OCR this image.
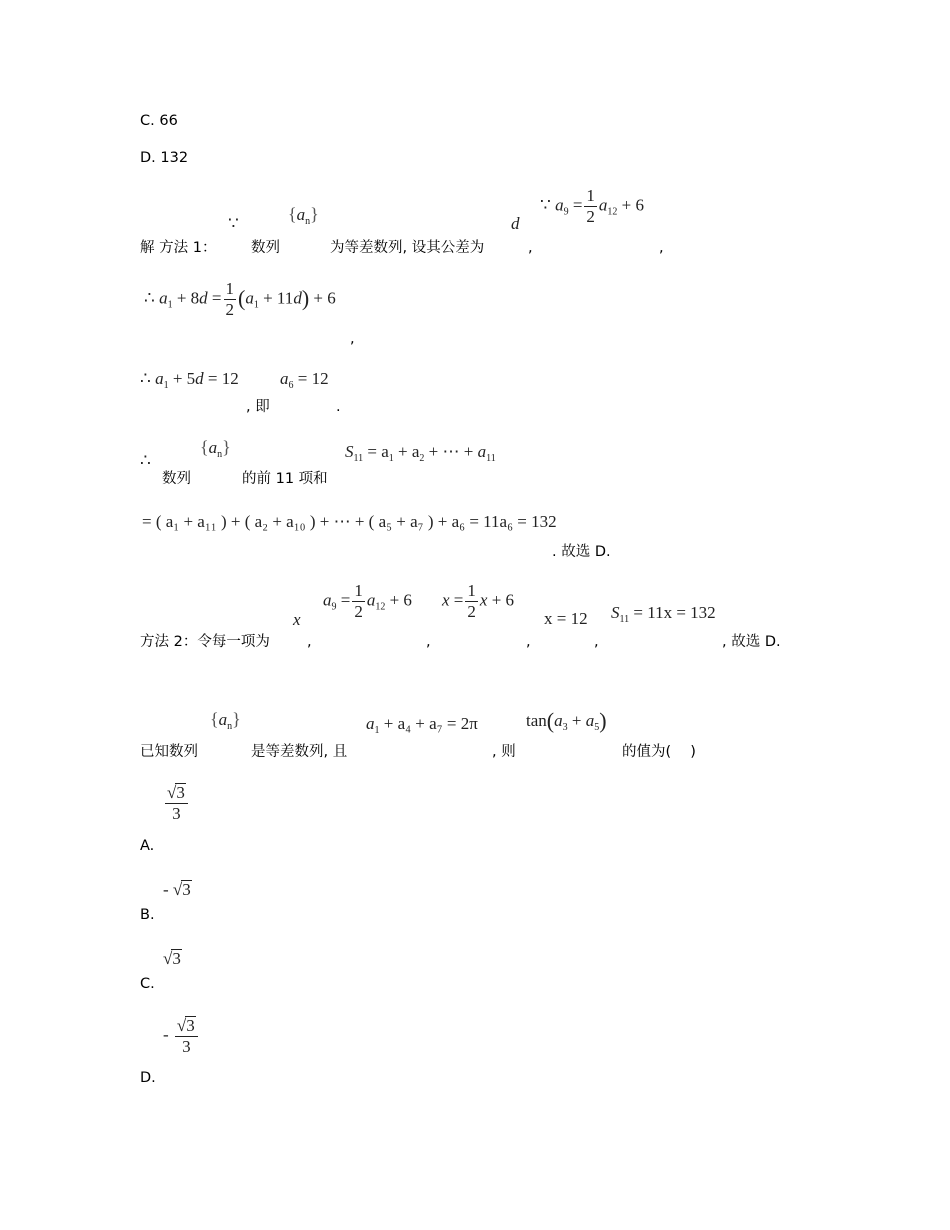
C. 66
D. 132
∵	$\{a_n\}$	d
∵ $a_9 = \frac{1}{2} a_{12} + 6$
解 方法 1： 数列	为等差数列, 设其公差为	,	,
∴ $a_1 + 8d = \frac{1}{2} (a_1 + 11d) + 6$
,
∴ $a_1 + 5d = 12$ $a_6 = 12$
, 即	.
∴
$\{a_n\}$	$S_{11} = a_1 + a_2$ + ⋯ + $a_{11}$
数列	的前 11 项和
= ( a₁ + a₁₁ ) + ( a₂ + a₁₀ ) + ⋯ + ( a₅ + a₇ ) + a₆ = 11a₆ = 132
. 故选 D.
x
$a_9 = \frac{1}{2} a_{12} + 6$ $x = \frac{1}{2}$ x + 6
x = 12 $S_{11} = 11x = 132$
方法 2：令每一项为	,	,	,	,	, 故选 D.
$\{a_n\}$	$a_1 + a_4 + a_7 = 2\pi$	$\tan(a_3 + a_5)$
已知数列	是等差数列, 且	, 则	的值为(　 )
$\frac{√3}{3}$
A.
- √3
B.
√3
C.
- $\frac{√3}{3}$
D.
